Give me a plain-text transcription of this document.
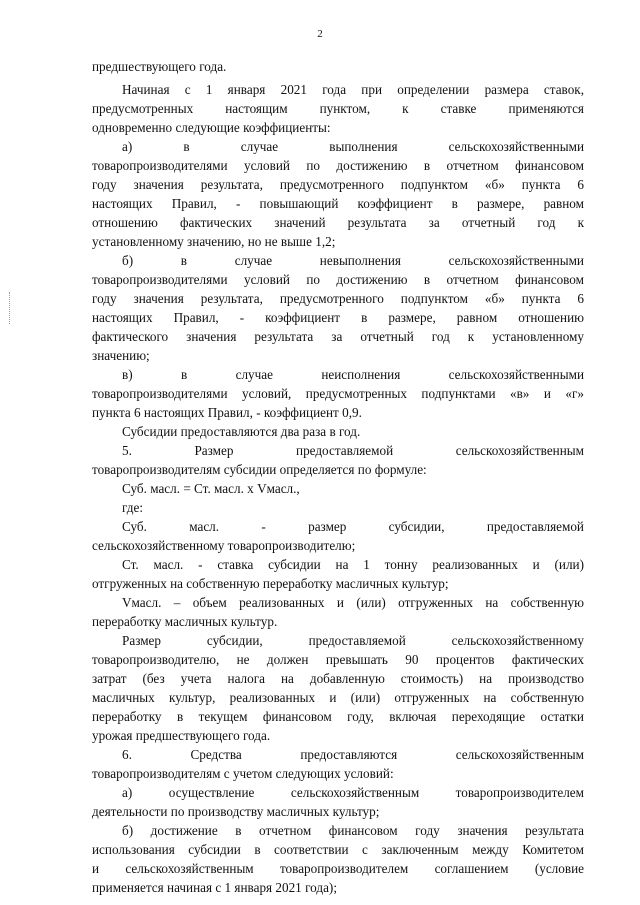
2
предшествующего года.
Начиная с 1 января 2021 года при определении размера ставок,
предусмотренных настоящим пунктом, к ставке применяются
одновременно следующие коэффициенты:
а) в случае выполнения сельскохозяйственными
товаропроизводителями условий по достижению в отчетном финансовом
году значения результата, предусмотренного подпунктом «б» пункта 6
настоящих Правил, - повышающий коэффициент в размере, равном
отношению фактических значений результата за отчетный год к
установленному значению, но не выше 1,2;
б) в случае невыполнения сельскохозяйственными
товаропроизводителями условий по достижению в отчетном финансовом
году значения результата, предусмотренного подпунктом «б» пункта 6
настоящих Правил, - коэффициент в размере, равном отношению
фактического значения результата за отчетный год к установленному
значению;
в) в случае неисполнения сельскохозяйственными
товаропроизводителями условий, предусмотренных подпунктами «в» и «г»
пункта 6 настоящих Правил, - коэффициент 0,9.
Субсидии предоставляются два раза в год.
5. Размер предоставляемой сельскохозяйственным
товаропроизводителям субсидии определяется по формуле:
Суб. масл. = Ст. масл. х Vмасл.,
где:
Суб. масл. - размер субсидии, предоставляемой
сельскохозяйственному товаропроизводителю;
Ст. масл. - ставка субсидии на 1 тонну реализованных и (или)
отгруженных на собственную переработку масличных культур;
Vмасл. – объем реализованных и (или) отгруженных на собственную
переработку масличных культур.
Размер субсидии, предоставляемой сельскохозяйственному
товаропроизводителю, не должен превышать 90 процентов фактических
затрат (без учета налога на добавленную стоимость) на производство
масличных культур, реализованных и (или) отгруженных на собственную
переработку в текущем финансовом году, включая переходящие остатки
урожая предшествующего года.
6. Средства предоставляются сельскохозяйственным
товаропроизводителям с учетом следующих условий:
а) осуществление сельскохозяйственным товаропроизводителем
деятельности по производству масличных культур;
б) достижение в отчетном финансовом году значения результата
использования субсидии в соответствии с заключенным между Комитетом
и сельскохозяйственным товаропроизводителем соглашением (условие
применяется начиная с 1 января 2021 года);
